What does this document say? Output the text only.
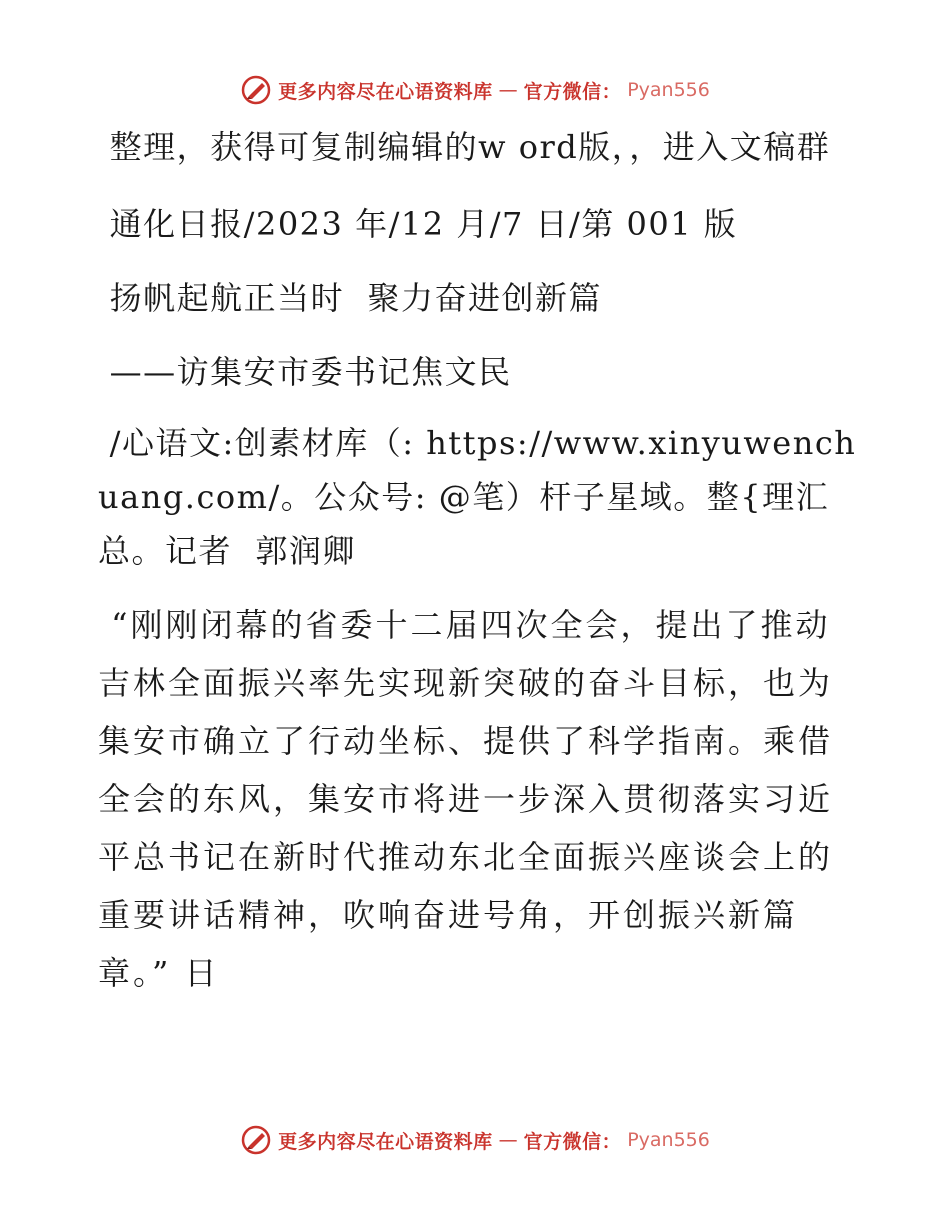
更多内容尽在心语资料库 — 官方微信： Pyan556

整理，获得可复制编辑的w ord版，，进入文稿群

通化日报/2023 年/12 月/7 日/第 001 版

扬帆起航正当时  聚力奋进创新篇

——访集安市委书记焦文民

/心语文:创素材库（: https://www.xinyuwenchuang.com/。公众号: @笔）杆子星域。整{理汇总。记者  郭润卿

“刚刚闭幕的省委十二届四次全会，提出了推动吉林全面振兴率先实现新突破的奋斗目标，也为集安市确立了行动坐标、提供了科学指南。乘借全会的东风，集安市将进一步深入贯彻落实习近平总书记在新时代推动东北全面振兴座谈会上的重要讲话精神，吹响奋进号角，开创振兴新篇章。” 日

更多内容尽在心语资料库 — 官方微信： Pyan556
